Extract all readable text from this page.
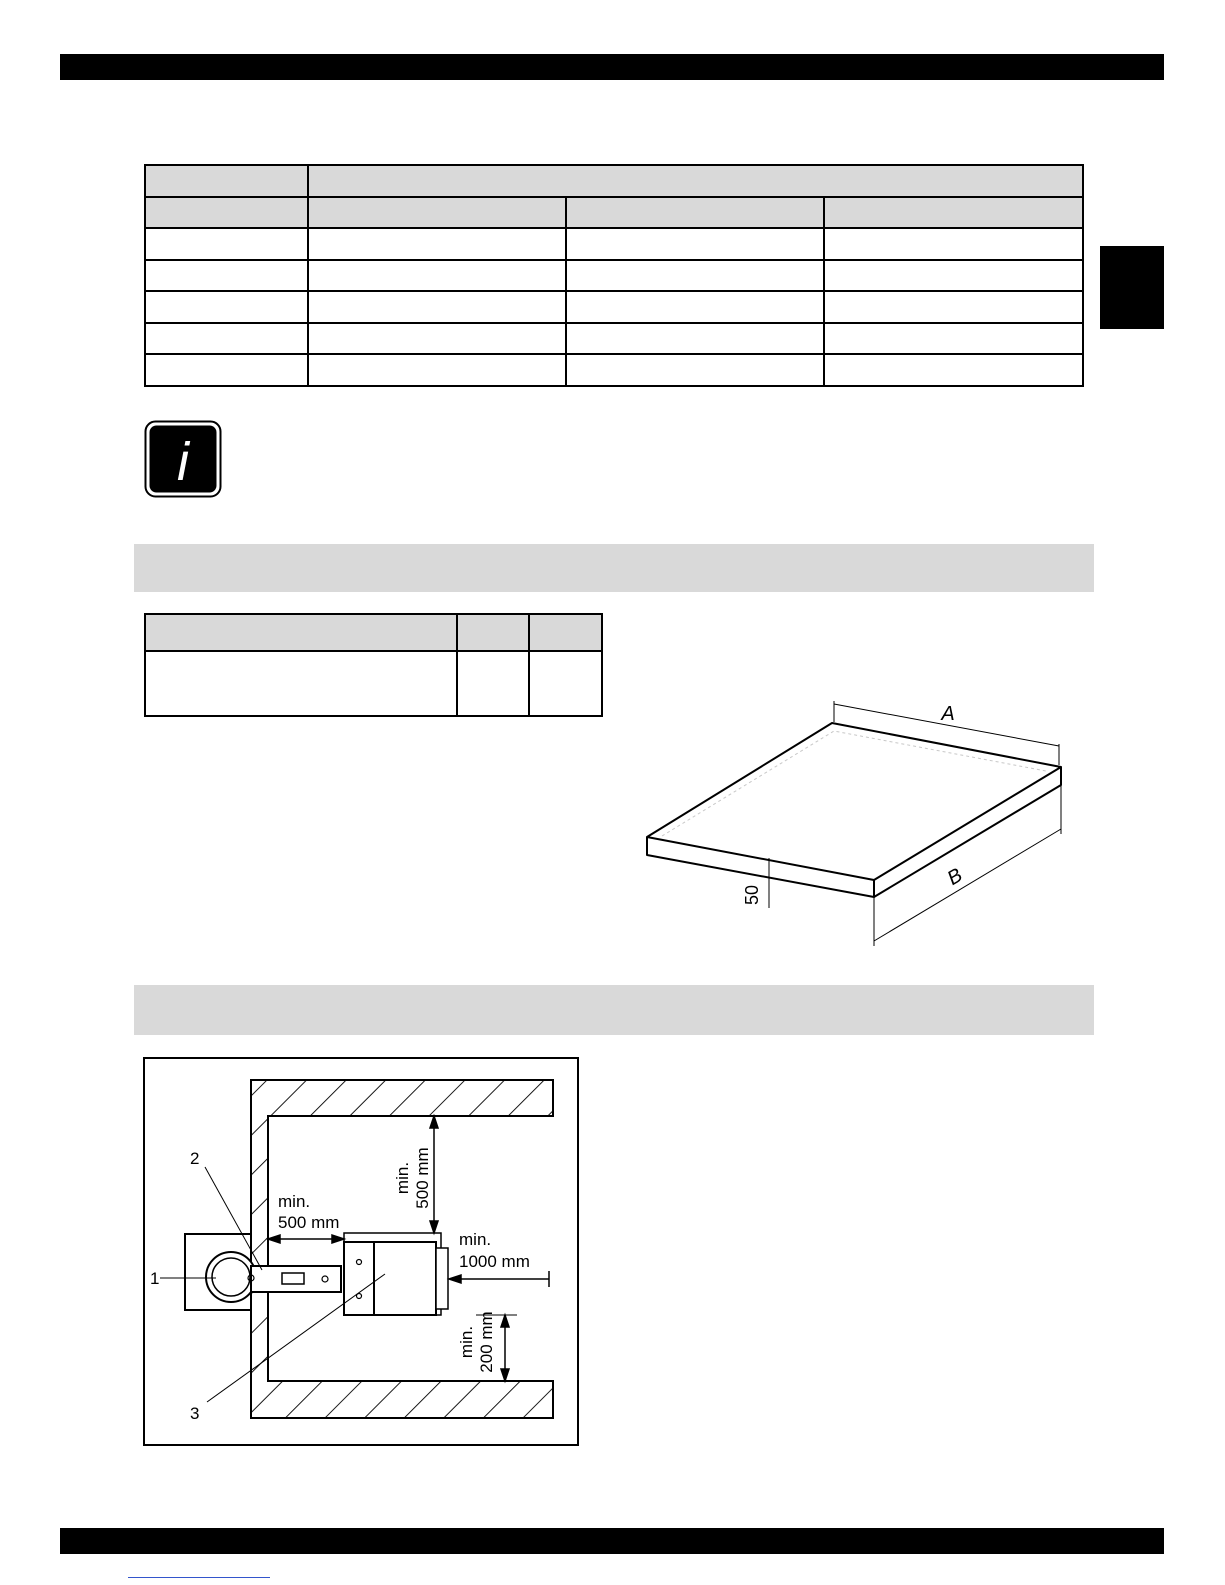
i

A
B
50
1
2
3
min.
500 mm
min.
1000 mm
min. 500 mm
min. 200 mm
